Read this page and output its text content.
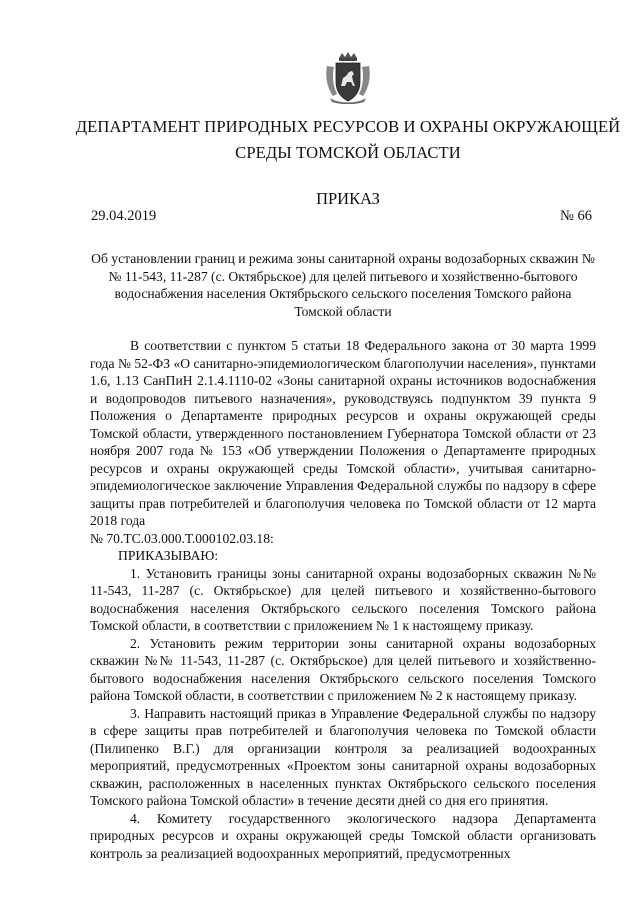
ДЕПАРТАМЕНТ ПРИРОДНЫХ РЕСУРСОВ И ОХРАНЫ ОКРУЖАЮЩЕЙ СРЕДЫ ТОМСКОЙ ОБЛАСТИ
ПРИКАЗ
29.04.2019	№ 66
Об установлении границ и режима зоны санитарной охраны водозаборных скважин №№ 11-543, 11-287 (с. Октябрьское) для целей питьевого и хозяйственно-бытового водоснабжения населения Октябрьского сельского поселения Томского района Томской области

В соответствии с пунктом 5 статьи 18 Федерального закона от 30 марта 1999 года № 52-ФЗ «О санитарно-эпидемиологическом благополучии населения», пунктами 1.6, 1.13 СанПиН 2.1.4.1110-02 «Зоны санитарной охраны источников водоснабжения и водопроводов питьевого назначения», руководствуясь подпунктом 39 пункта 9 Положения о Департаменте природных ресурсов и охраны окружающей среды Томской области, утвержденного постановлением Губернатора Томской области от 23 ноября 2007 года № 153 «Об утверждении Положения о Департаменте природных ресурсов и охраны окружающей среды Томской области», учитывая санитарно-эпидемиологическое заключение Управления Федеральной службы по надзору в сфере защиты прав потребителей и благополучия человека по Томской области от 12 марта 2018 года

№ 70.ТС.03.000.Т.000102.03.18:

ПРИКАЗЫВАЮ:

1. Установить границы зоны санитарной охраны водозаборных скважин №№ 11-543, 11-287 (с. Октябрьское) для целей питьевого и хозяйственно-бытового водоснабжения населения Октябрьского сельского поселения Томского района Томской области, в соответствии с приложением № 1 к настоящему приказу.

2. Установить режим территории зоны санитарной охраны водозаборных скважин №№ 11-543, 11-287 (с. Октябрьское) для целей питьевого и хозяйственно-бытового водоснабжения населения Октябрьского сельского поселения Томского района Томской области, в соответствии с приложением № 2 к настоящему приказу.

3. Направить настоящий приказ в Управление Федеральной службы по надзору в сфере защиты прав потребителей и благополучия человека по Томской области (Пилипенко В.Г.) для организации контроля за реализацией водоохранных мероприятий, предусмотренных «Проектом зоны санитарной охраны водозаборных скважин, расположенных в населенных пунктах Октябрьского сельского поселения Томского района Томской области» в течение десяти дней со дня его принятия.

4. Комитету государственного экологического надзора Департамента природных ресурсов и охраны окружающей среды Томской области организовать контроль за реализацией водоохранных мероприятий, предусмотренных
